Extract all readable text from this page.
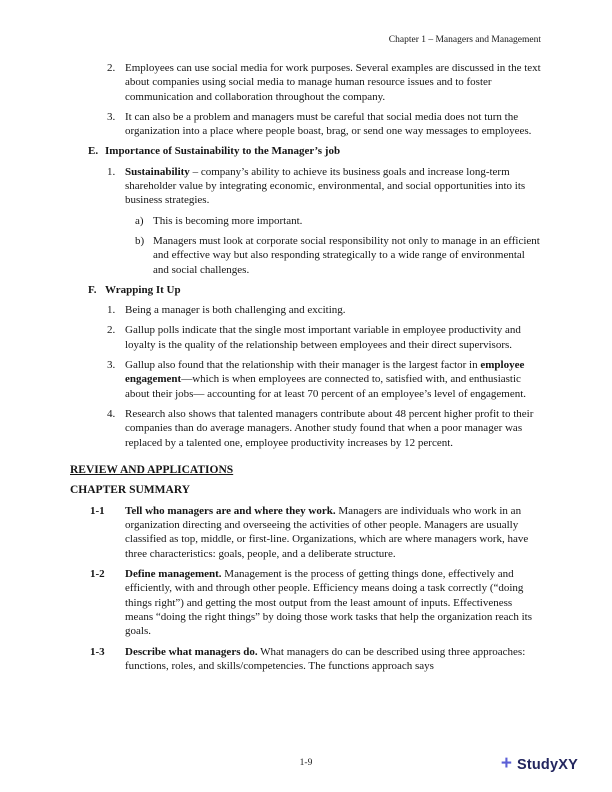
Chapter 1 – Managers and Management
2. Employees can use social media for work purposes. Several examples are discussed in the text about companies using social media to manage human resource issues and to foster communication and collaboration throughout the company.
3. It can also be a problem and managers must be careful that social media does not turn the organization into a place where people boast, brag, or send one way messages to employees.
E. Importance of Sustainability to the Manager’s job
1. Sustainability – company’s ability to achieve its business goals and increase long-term shareholder value by integrating economic, environmental, and social opportunities into its business strategies.
a) This is becoming more important.
b) Managers must look at corporate social responsibility not only to manage in an efficient and effective way but also responding strategically to a wide range of environmental and social challenges.
F. Wrapping It Up
1. Being a manager is both challenging and exciting.
2. Gallup polls indicate that the single most important variable in employee productivity and loyalty is the quality of the relationship between employees and their direct supervisors.
3. Gallup also found that the relationship with their manager is the largest factor in employee engagement—which is when employees are connected to, satisfied with, and enthusiastic about their jobs— accounting for at least 70 percent of an employee’s level of engagement.
4. Research also shows that talented managers contribute about 48 percent higher profit to their companies than do average managers. Another study found that when a poor manager was replaced by a talented one, employee productivity increases by 12 percent.
REVIEW AND APPLICATIONS
CHAPTER SUMMARY
1-1	Tell who managers are and where they work. Managers are individuals who work in an organization directing and overseeing the activities of other people. Managers are usually classified as top, middle, or first-line. Organizations, which are where managers work, have three characteristics: goals, people, and a deliberate structure.
1-2	Define management. Management is the process of getting things done, effectively and efficiently, with and through other people. Efficiency means doing a task correctly (“doing things right”) and getting the most output from the least amount of inputs. Effectiveness means “doing the right things” by doing those work tasks that help the organization reach its goals.
1-3	Describe what managers do. What managers do can be described using three approaches: functions, roles, and skills/competencies. The functions approach says
1-9	+ StudyXY
